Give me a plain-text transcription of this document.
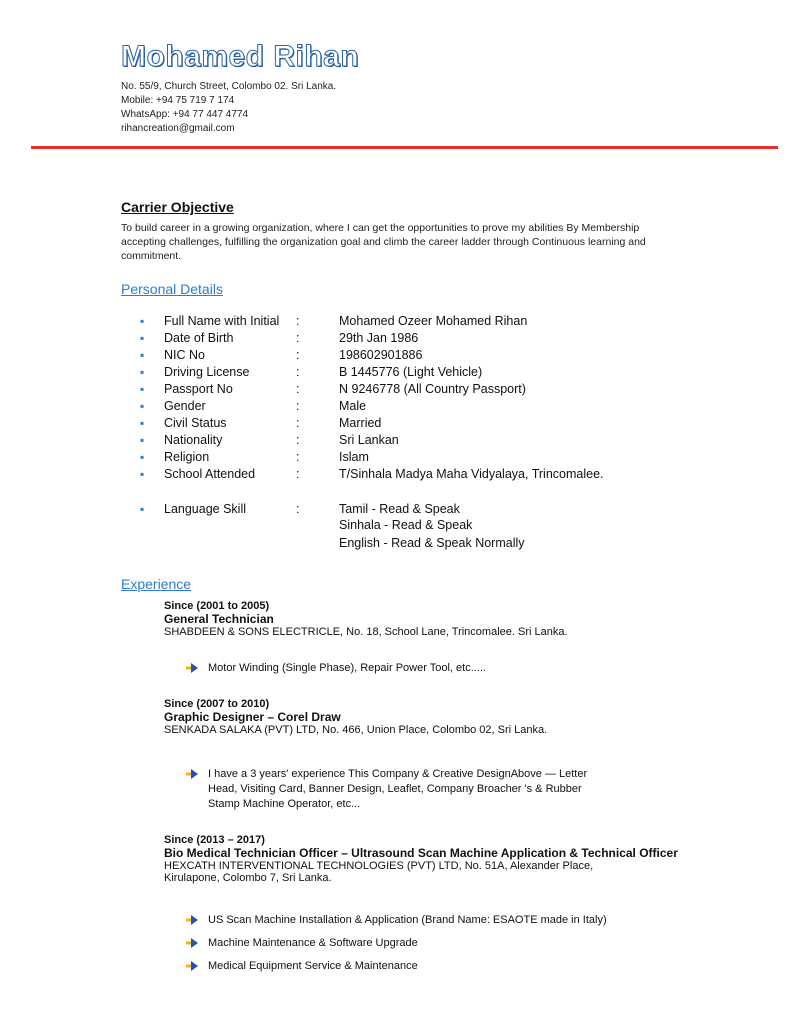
Mohamed Rihan
No. 55/9, Church Street, Colombo 02. Sri Lanka.
Mobile: +94 75 719 7 174
WhatsApp: +94 77 447 4774
rihancreation@gmail.com
Carrier Objective
To build career in a growing organization, where I can get the opportunities to prove my abilities By Membership accepting challenges, fulfilling the organization goal and climb the career ladder through Continuous learning and commitment.
Personal Details
▪ Full Name with Initial :	Mohamed Ozeer Mohamed Rihan
▪ Date of Birth	:	29th Jan 1986
▪ NIC No	:	198602901886
▪ Driving License	:	B 1445776 (Light Vehicle)
▪ Passport No	:	N 9246778 (All Country Passport)
▪ Gender	:	Male
▪ Civil Status	:	Married
▪ Nationality	:	Sri Lankan
▪ Religion	:	Islam
▪ School Attended	:	T/Sinhala Madya Maha Vidyalaya, Trincomalee.
▪ Language Skill	:	Tamil - Read & Speak
Sinhala - Read & Speak
English - Read & Speak Normally
Experience
Since (2001 to 2005)
General Technician
SHABDEEN & SONS ELECTRICLE, No. 18, School Lane, Trincomalee. Sri Lanka.
Motor Winding (Single Phase), Repair Power Tool, etc.....
Since (2007 to 2010)
Graphic Designer – Corel Draw
SENKADA SALAKA (PVT) LTD, No. 466, Union Place, Colombo 02, Sri Lanka.
I have a 3 years' experience This Company & Creative DesignAbove — Letter
Head, Visiting Card, Banner Design, Leaflet, Company Broacher 's & Rubber
Stamp Machine Operator, etc...
Since (2013 – 2017)
Bio Medical Technician Officer – Ultrasound Scan Machine Application & Technical Officer
HEXCATH INTERVENTIONAL TECHNOLOGIES (PVT) LTD, No. 51A, Alexander Place,
Kirulapone, Colombo 7, Sri Lanka.
US Scan Machine Installation & Application (Brand Name: ESAOTE made in Italy)
Machine Maintenance & Software Upgrade
Medical Equipment Service & Maintenance
